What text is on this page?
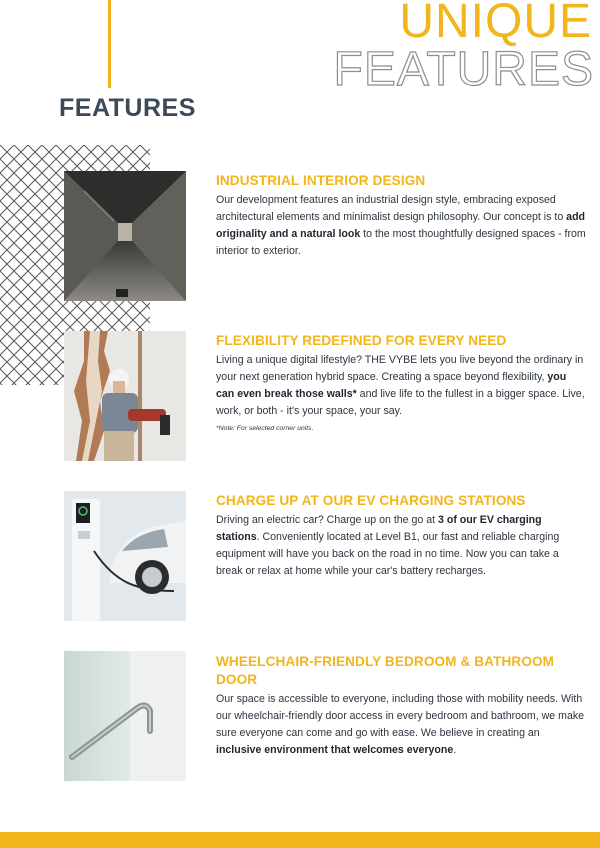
FEATURES
UNIQUE
FEATURES
INDUSTRIAL INTERIOR DESIGN

Our development features an industrial design style, embracing exposed architectural elements and minimalist design philosophy. Our concept is to add originality and a natural look to the most thoughtfully designed spaces - from interior to exterior.

FLEXIBILITY REDEFINED FOR EVERY NEED

Living a unique digital lifestyle? THE VYBE lets you live beyond the ordinary in your next generation hybrid space. Creating a space beyond flexibility, you can even break those walls* and live life to the fullest in a bigger space. Live, work, or both - it's your space, your say.

*Note: For selected corner units.
CHARGE UP AT OUR EV CHARGING STATIONS

Driving an electric car? Charge up on the go at 3 of our EV charging stations. Conveniently located at Level B1, our fast and reliable charging equipment will have you back on the road in no time. Now you can take a break or relax at home while your car's battery recharges.

WHEELCHAIR-FRIENDLY BEDROOM & BATHROOM DOOR

Our space is accessible to everyone, including those with mobility needs. With our wheelchair-friendly door access in every bedroom and bathroom, we make sure everyone can come and go with ease. We believe in creating an inclusive environment that welcomes everyone.
